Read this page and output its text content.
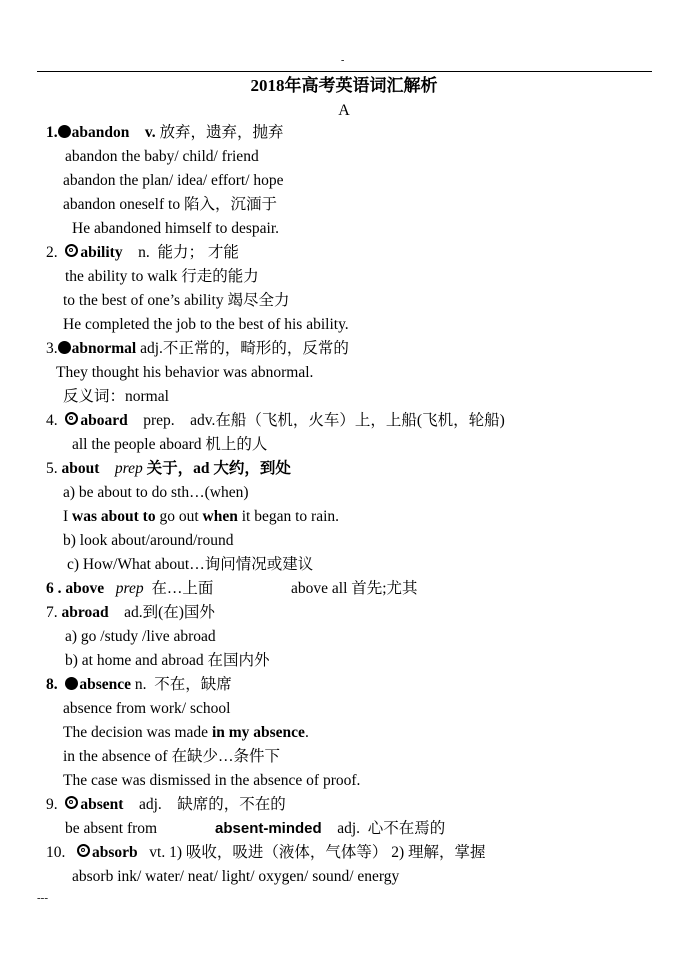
-
2018年高考英语词汇解析
A
1. abandon v. 放弃，遗弃，抛弃
abandon the baby/ child/ friend
abandon the plan/ idea/ effort/ hope
abandon oneself to 陷入，沉湎于
He abandoned himself to despair.
2. ability n. 能力； 才能
the ability to walk 行走的能力
to the best of one’s ability 竭尽全力
He completed the job to the best of his ability.
3. abnormal adj.不正常的，畸形的，反常的
They thought his behavior was abnormal.
反义词：normal
4. aboard prep. adv.在船（飞机，火车）上，上船(飞机，轮船)
all the people aboard 机上的人
5. about prep 关于，ad 大约，到处
a) be about to do sth…(when)
I was about to go out when it began to rain.
b) look about/around/round
c) How/What about…询问情况或建议
6 . above prep 在…上面	above all 首先;尤其
7. abroad ad.到(在)国外
a) go /study /live abroad
b) at home and abroad 在国内外
8. absence n. 不在，缺席
absence from work/ school
The decision was made in my absence.
in the absence of 在缺少…条件下
The case was dismissed in the absence of proof.
9. absent adj. 缺席的，不在的
be absent from	absent-minded adj. 心不在焉的
10. absorb vt. 1) 吸收，吸进（液体，气体等） 2) 理解，掌握
absorb ink/ water/ neat/ light/ oxygen/ sound/ energy
---
